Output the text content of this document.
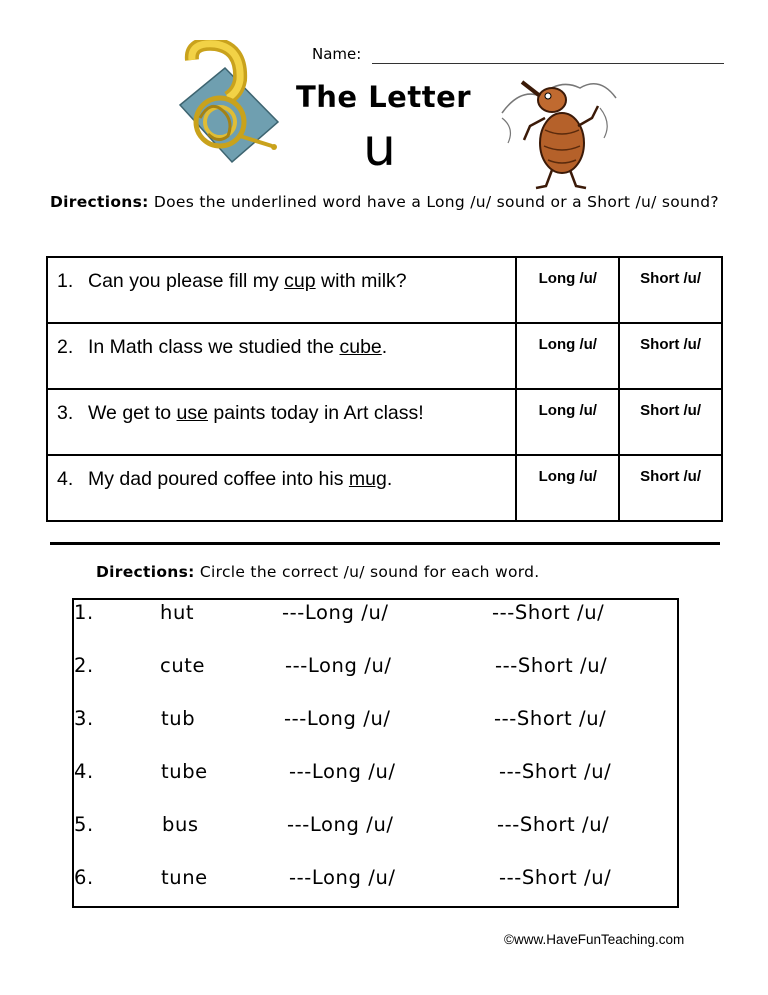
Name:
The Letter
u
Directions: Does the underlined word have a Long /u/ sound or a Short /u/ sound?
1. Can you please fill my cup with milk?	Long /u/	Short /u/
2. In Math class we studied the cube.	Long /u/	Short /u/
3. We get to use paints today in Art class!	Long /u/	Short /u/
4. My dad poured coffee into his mug.	Long /u/	Short /u/
Directions: Circle the correct /u/ sound for each word.
1.	hut	---Long /u/	---Short /u/
2.	cute	---Long /u/	---Short /u/
3.	tub	---Long /u/	---Short /u/
4.	tube	---Long /u/	---Short /u/
5.	bus	---Long /u/	---Short /u/
6.	tune	---Long /u/	---Short /u/
©www.HaveFunTeaching.com
